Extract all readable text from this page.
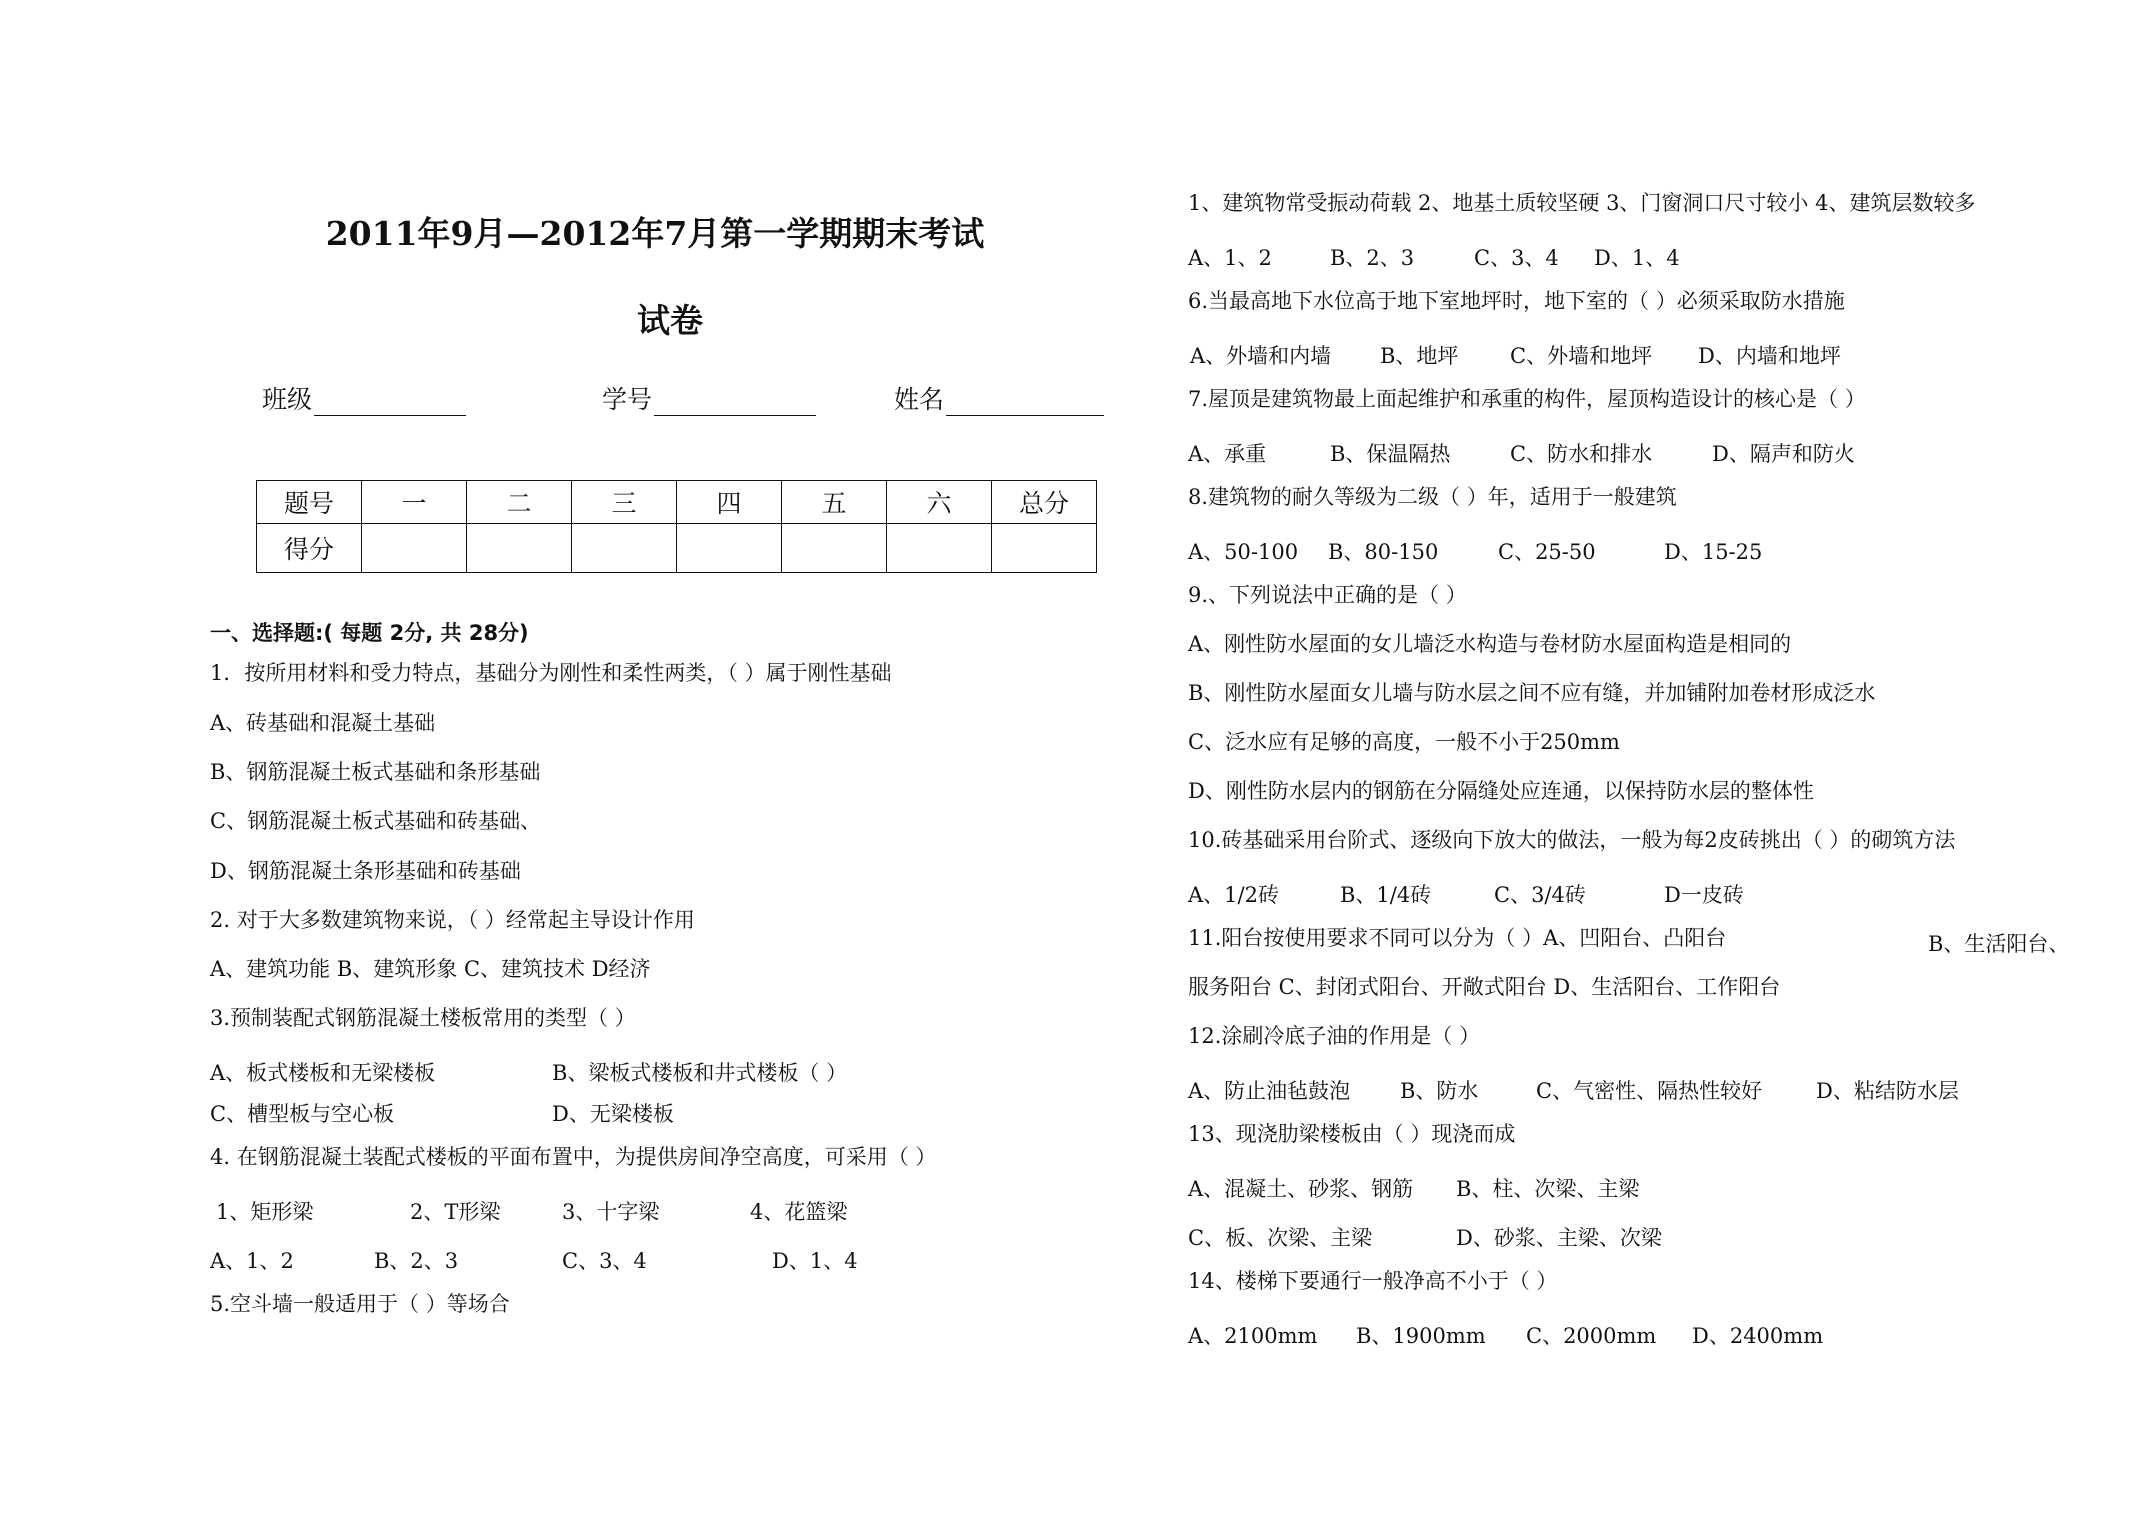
2011年9月—2012年7月第一学期期末考试
试卷
班级	学号	姓名
题号	一	二	三	四	五	六	总分
得分							
一、选择题:( 每题 2分, 共 28分)
1．按所用材料和受力特点，基础分为刚性和柔性两类，（ ）属于刚性基础
A、砖基础和混凝土基础
B、钢筋混凝土板式基础和条形基础
C、钢筋混凝土板式基础和砖基础、
D、钢筋混凝土条形基础和砖基础
2. 对于大多数建筑物来说，（ ）经常起主导设计作用
A、建筑功能 B、建筑形象 C、建筑技术 D经济
3.预制装配式钢筋混凝土楼板常用的类型（ ）
A、板式楼板和无梁楼板	B、梁板式楼板和井式楼板（ ）
C、槽型板与空心板	D、无梁楼板
4. 在钢筋混凝土装配式楼板的平面布置中，为提供房间净空高度，可采用（ ）
1、矩形梁	2、T形梁	3、十字梁	4、花篮梁
A、1、2	B、2、3	C、3、4	D、1、4
5.空斗墙一般适用于（ ）等场合
1、建筑物常受振动荷载 2、地基土质较坚硬 3、门窗洞口尺寸较小 4、建筑层数较多
A、1、2	B、2、3	C、3、4 D、1、4
6.当最高地下水位高于地下室地坪时，地下室的（ ）必须采取防水措施
A、外墙和内墙 B、地坪 C、外墙和地坪 D、内墙和地坪
7.屋顶是建筑物最上面起维护和承重的构件，屋顶构造设计的核心是（ ）
A、承重	B、保温隔热	C、防水和排水	D、隔声和防火
8.建筑物的耐久等级为二级（ ）年，适用于一般建筑
A、50-100 B、80-150	C、25-50	D、15-25
9.、下列说法中正确的是（ ）
A、刚性防水屋面的女儿墙泛水构造与卷材防水屋面构造是相同的
B、刚性防水屋面女儿墙与防水层之间不应有缝，并加铺附加卷材形成泛水
C、泛水应有足够的高度，一般不小于250mm
D、刚性防水层内的钢筋在分隔缝处应连通，以保持防水层的整体性
10.砖基础采用台阶式、逐级向下放大的做法，一般为每2皮砖挑出（ ）的砌筑方法
A、1/2砖	B、1/4砖	C、3/4砖	D一皮砖
11.阳台按使用要求不同可以分为（ ）A、凹阳台、凸阳台	B、生活阳台、
服务阳台 C、封闭式阳台、开敞式阳台 D、生活阳台、工作阳台
12.涂刷冷底子油的作用是（ ）
A、防止油毡鼓泡 B、防水	C、气密性、隔热性较好	D、粘结防水层
13、现浇肋梁楼板由（ ）现浇而成
A、混凝土、砂浆、钢筋 B、柱、次梁、主梁
C、板、次梁、主梁	D、砂浆、主梁、次梁
14、楼梯下要通行一般净高不小于（ ）
A、2100mm B、1900mm C、2000mm D、2400mm
